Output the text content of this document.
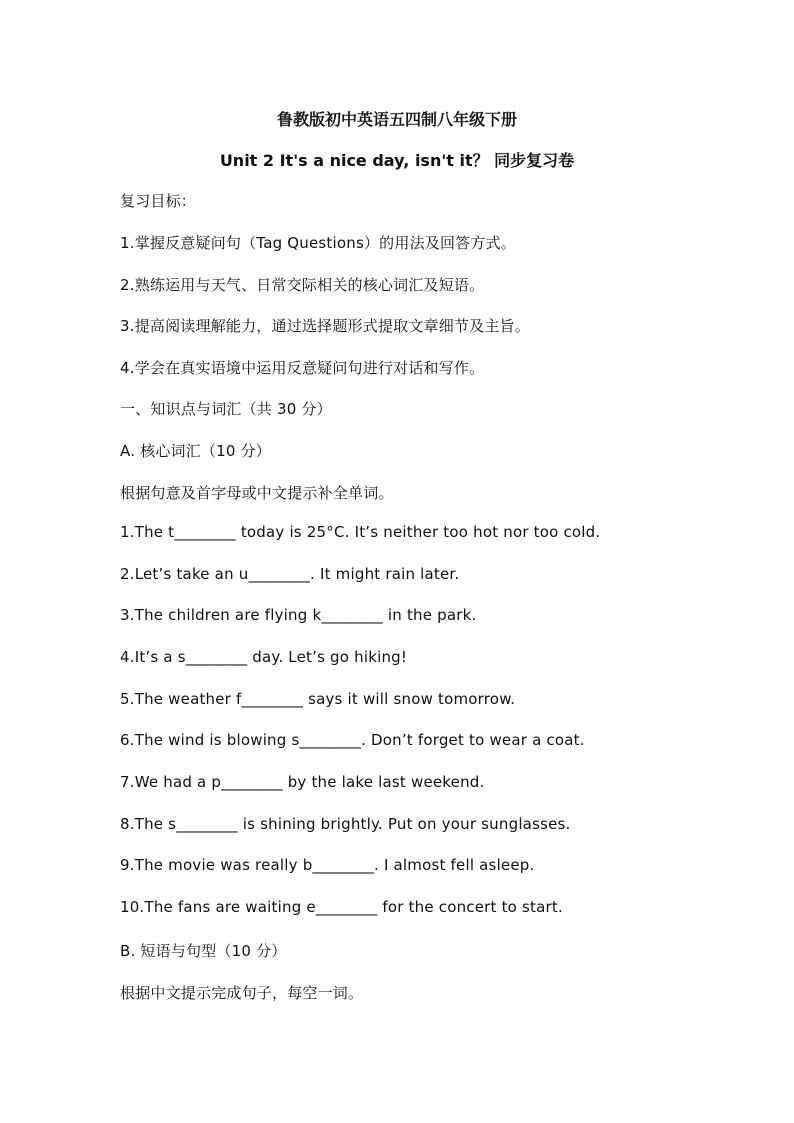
鲁教版初中英语五四制八年级下册
Unit 2 It's a nice day, isn't it？ 同步复习卷
复习目标：
1.掌握反意疑问句（Tag Questions）的用法及回答方式。
2.熟练运用与天气、日常交际相关的核心词汇及短语。
3.提高阅读理解能力，通过选择题形式提取文章细节及主旨。
4.学会在真实语境中运用反意疑问句进行对话和写作。
一、知识点与词汇（共 30 分）
A. 核心词汇（10 分）
根据句意及首字母或中文提示补全单词。
1.The t________ today is 25°C. It’s neither too hot nor too cold.
2.Let’s take an u________. It might rain later.
3.The children are flying k________ in the park.
4.It’s a s________ day. Let’s go hiking!
5.The weather f________ says it will snow tomorrow.
6.The wind is blowing s________. Don’t forget to wear a coat.
7.We had a p________ by the lake last weekend.
8.The s________ is shining brightly. Put on your sunglasses.
9.The movie was really b________. I almost fell asleep.
10.The fans are waiting e________ for the concert to start.
B. 短语与句型（10 分）
根据中文提示完成句子，每空一词。
